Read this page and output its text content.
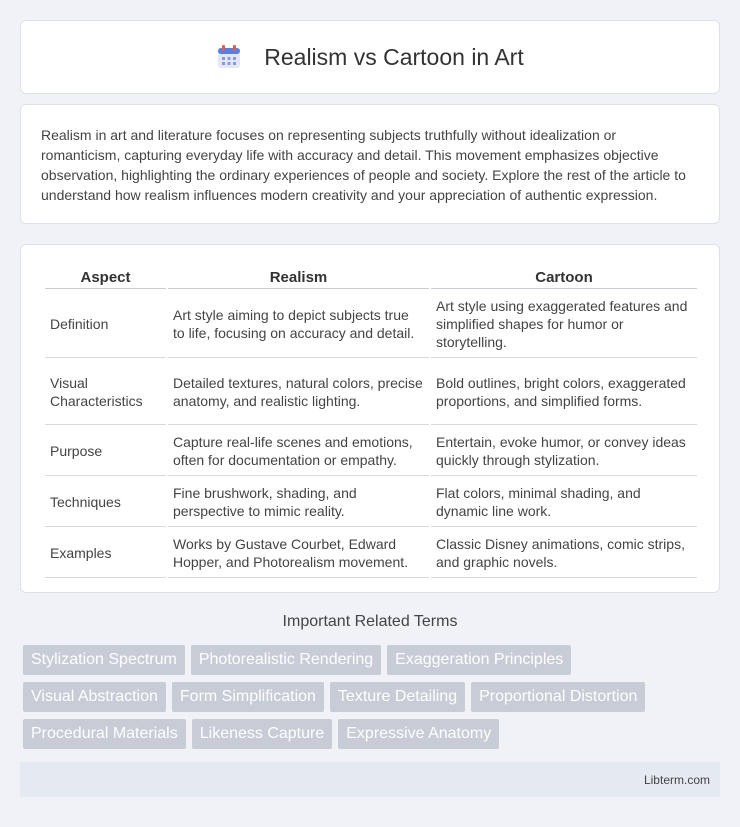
Realism vs Cartoon in Art

Realism in art and literature focuses on representing subjects truthfully without idealization or romanticism, capturing everyday life with accuracy and detail. This movement emphasizes objective observation, highlighting the ordinary experiences of people and society. Explore the rest of the article to understand how realism influences modern creativity and your appreciation of authentic expression.

Aspect	Realism	Cartoon
Definition	Art style aiming to depict subjects true to life, focusing on accuracy and detail.	Art style using exaggerated features and simplified shapes for humor or storytelling.
Visual Characteristics	Detailed textures, natural colors, precise anatomy, and realistic lighting.	Bold outlines, bright colors, exaggerated proportions, and simplified forms.
Purpose	Capture real-life scenes and emotions, often for documentation or empathy.	Entertain, evoke humor, or convey ideas quickly through stylization.
Techniques	Fine brushwork, shading, and perspective to mimic reality.	Flat colors, minimal shading, and dynamic line work.
Examples	Works by Gustave Courbet, Edward Hopper, and Photorealism movement.	Classic Disney animations, comic strips, and graphic novels.
Important Related Terms
Stylization Spectrum	Photorealistic Rendering	Exaggeration Principles
Visual Abstraction	Form Simplification	Texture Detailing	Proportional Distortion
Procedural Materials	Likeness Capture	Expressive Anatomy
Libterm.com
